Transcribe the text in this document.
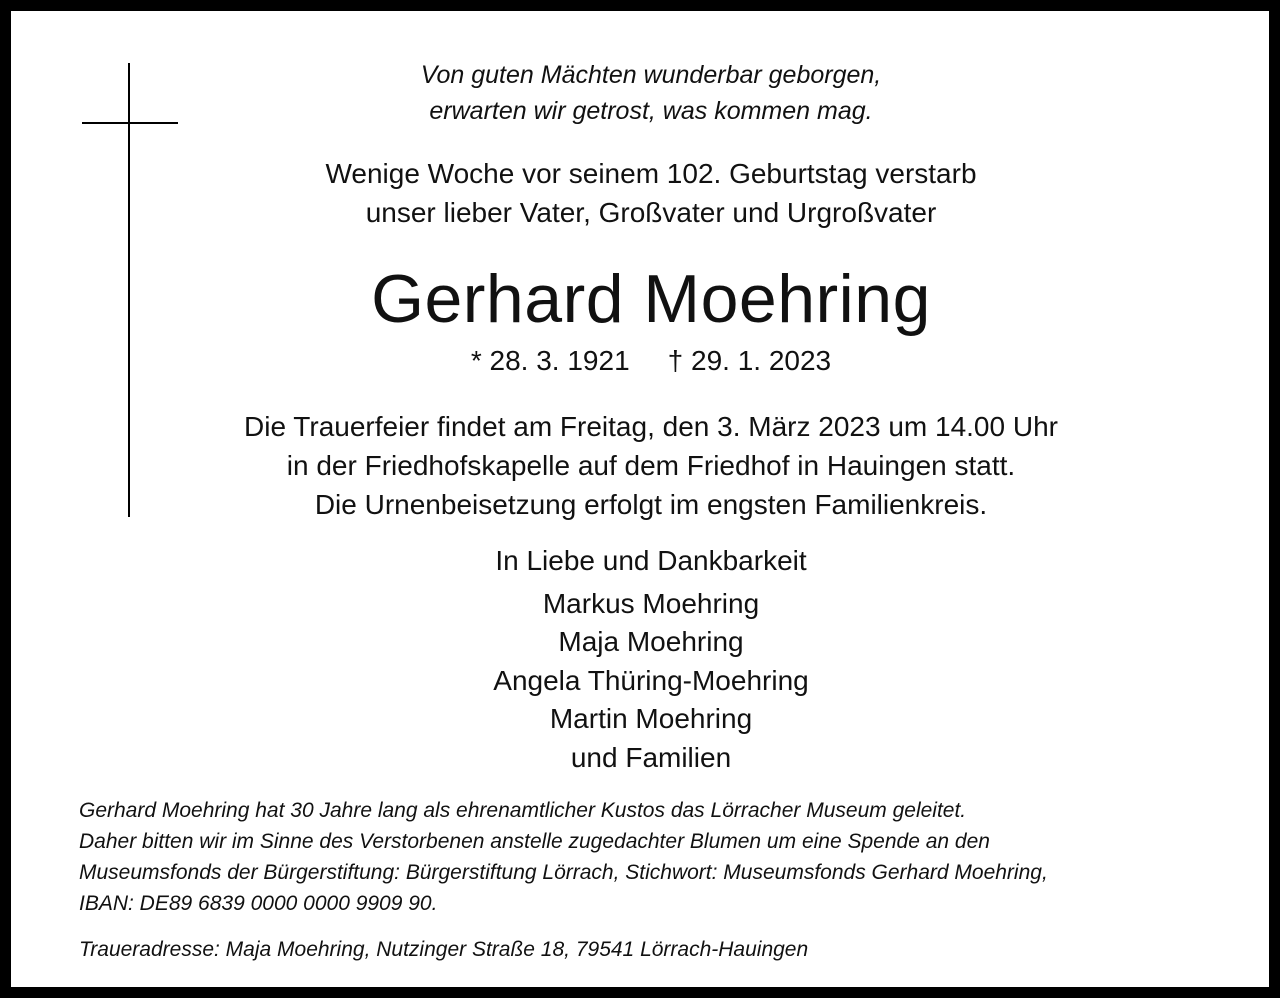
Von guten Mächten wunderbar geborgen,
erwarten wir getrost, was kommen mag.
Wenige Woche vor seinem 102. Geburtstag verstarb
unser lieber Vater, Großvater und Urgroßvater
Gerhard Moehring
* 28. 3. 1921 † 29. 1. 2023
Die Trauerfeier findet am Freitag, den 3. März 2023 um 14.00 Uhr
in der Friedhofskapelle auf dem Friedhof in Hauingen statt.
Die Urnenbeisetzung erfolgt im engsten Familienkreis.
In Liebe und Dankbarkeit
Markus Moehring
Maja Moehring
Angela Thüring-Moehring
Martin Moehring
und Familien
Gerhard Moehring hat 30 Jahre lang als ehrenamtlicher Kustos das Lörracher Museum geleitet.
Daher bitten wir im Sinne des Verstorbenen anstelle zugedachter Blumen um eine Spende an den
Museumsfonds der Bürgerstiftung: Bürgerstiftung Lörrach, Stichwort: Museumsfonds Gerhard Moehring,
IBAN: DE89 6839 0000 0000 9909 90.
Traueradresse: Maja Moehring, Nutzinger Straße 18, 79541 Lörrach-Hauingen
